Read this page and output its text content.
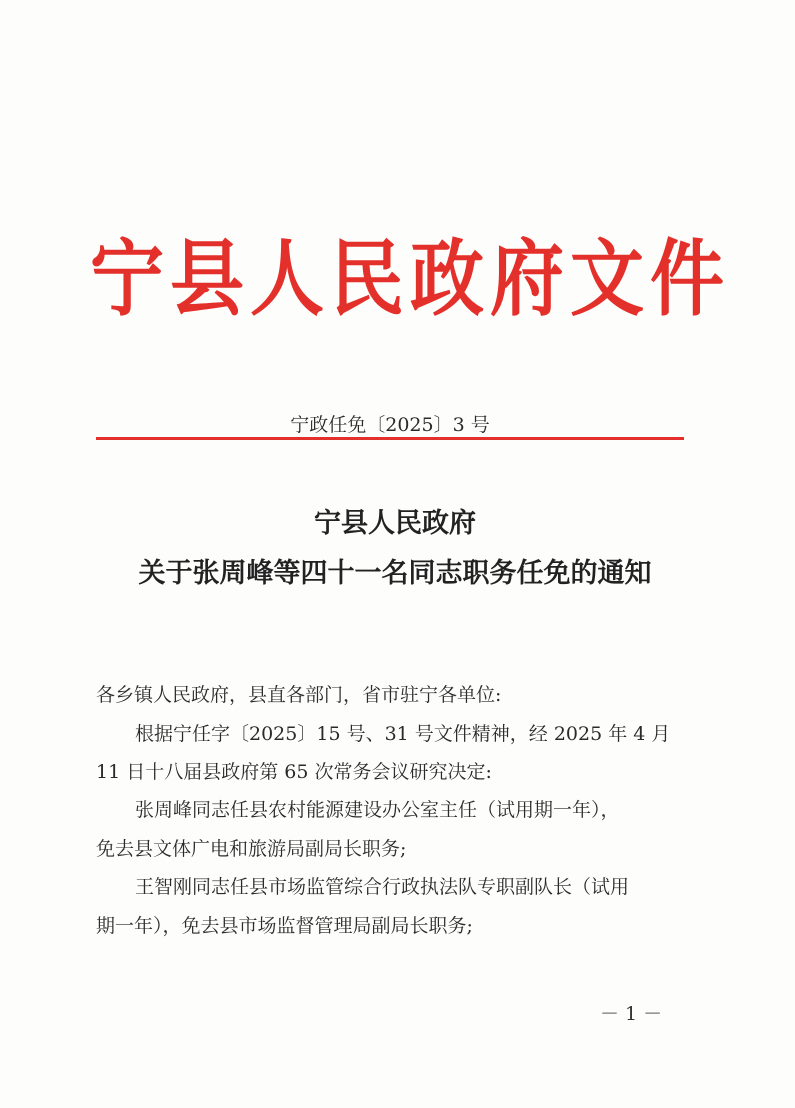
宁县人民政府文件
宁政任免〔2025〕3 号
宁县人民政府
关于张周峰等四十一名同志职务任免的通知
各乡镇人民政府，县直各部门，省市驻宁各单位:
根据宁任字〔2025〕15 号、31 号文件精神，经 2025 年 4 月
11 日十八届县政府第 65 次常务会议研究决定:
张周峰同志任县农村能源建设办公室主任（试用期一年），
免去县文体广电和旅游局副局长职务;
王智刚同志任县市场监管综合行政执法队专职副队长（试用
期一年），免去县市场监督管理局副局长职务;
－ 1 －
